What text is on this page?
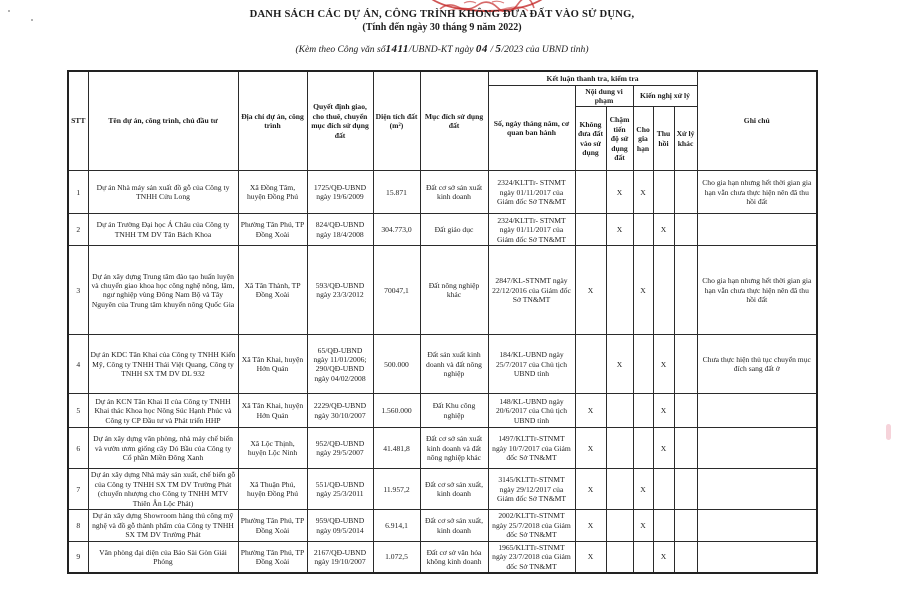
DANH SÁCH CÁC DỰ ÁN, CÔNG TRÌNH KHÔNG ĐƯA ĐẤT VÀO SỬ DỤNG,
(Tính đến ngày 30 tháng 9 năm 2022)
(Kèm theo Công văn số1411/UBND-KT ngày 04 / 5/2023 của UBND tỉnh)
STT	Tên dự án, công trình, chủ đầu tư	Địa chỉ dự án, công trình	Quyết định giao, cho thuê, chuyển mục đích sử dụng đất	Diện tích đất (m²)	Mục đích sử dụng đất	Kết luận thanh tra, kiểm tra						Ghi chú
						Số, ngày tháng năm, cơ quan ban hành	Nội dung vi phạm		Kiến nghị xử lý			
							Không đưa đất vào sử dụng	Chậm tiến độ sử dụng đất	Cho gia hạn	Thu hồi	Xử lý khác	
1	Dự án Nhà máy sản xuất đồ gỗ của Công ty TNHH Cửu Long	Xã Đồng Tâm, huyện Đồng Phú	1725/QĐ-UBND ngày 19/6/2009	15.871	Đất cơ sở sản xuất kinh doanh	2324/KLTTr- STNMT ngày 01/11/2017 của Giám đốc Sở TN&MT		X	X			Cho gia hạn nhưng hết thời gian gia hạn vẫn chưa thực hiện nên đã thu hồi đất
2	Dự án Trường Đại học Á Châu của Công ty TNHH TM DV Tân Bách Khoa	Phường Tân Phú, TP Đồng Xoài	824/QĐ-UBND ngày 18/4/2008	304.773,0	Đất giáo dục	2324/KLTTr- STNMT ngày 01/11/2017 của Giám đốc Sở TN&MT		X		X		
3	Dự án xây dựng Trung tâm đào tạo huấn luyện và chuyển giao khoa học công nghệ nông, lâm, ngư nghiệp vùng Đông Nam Bộ và Tây Nguyên của Trung tâm khuyến nông Quốc Gia	Xã Tân Thành, TP Đồng Xoài	593/QĐ-UBND ngày 23/3/2012	70047,1	Đất nông nghiệp khác	2847/KL-STNMT ngày 22/12/2016 của Giám đốc Sở TN&MT	X		X			Cho gia hạn nhưng hết thời gian gia hạn vẫn chưa thực hiện nên đã thu hồi đất
4	Dự án KDC Tân Khai của Công ty TNHH Kiến Mỹ, Công ty TNHH Thái Việt Quang, Công ty TNHH SX TM DV DL 932	Xã Tân Khai, huyện Hớn Quản	65/QĐ-UBND ngày 11/01/2006; 290/QĐ-UBND ngày 04/02/2008	500.000	Đất sản xuất kinh doanh và đất nông nghiệp	184/KL-UBND ngày 25/7/2017 của Chủ tịch UBND tỉnh		X		X		Chưa thực hiện thủ tục chuyển mục đích sang đất ở
5	Dự án KCN Tân Khai II của Công ty TNHH Khai thác Khoa học Nông Súc Hạnh Phúc và Công ty CP Đầu tư và Phát triển HHP	Xã Tân Khai, huyện Hớn Quản	2229/QĐ-UBND ngày 30/10/2007	1.560.000	Đất Khu công nghiệp	148/KL-UBND ngày 20/6/2017 của Chủ tịch UBND tỉnh	X			X		
6	Dự án xây dựng văn phòng, nhà máy chế biến và vườn ươm giống cây Dó Bầu của Công ty Cổ phần Miền Đông Xanh	Xã Lộc Thịnh, huyện Lộc Ninh	952/QĐ-UBND ngày 29/5/2007	41.481,8	Đất cơ sở sản xuất kinh doanh và đất nông nghiệp khác	1497/KLTTr-STNMT ngày 10/7/2017 của Giám đốc Sở TN&MT	X			X		
7	Dự án xây dựng Nhà máy sản xuất, chế biến gỗ của Công ty TNHH SX TM DV Trường Phát (chuyển nhượng cho Công ty TNHH MTV Thiên Ân Lộc Phát)	Xã Thuận Phú, huyện Đồng Phú	551/QĐ-UBND ngày 25/3/2011	11.957,2	Đất cơ sở sản xuất, kinh doanh	3145/KLTTr-STNMT ngày 29/12/2017 của Giám đốc Sở TN&MT	X		X			
8	Dự án xây dựng Showroom hàng thủ công mỹ nghệ và đồ gỗ thành phẩm của Công ty TNHH SX TM DV Trường Phát	Phường Tân Phú, TP Đồng Xoài	959/QĐ-UBND ngày 09/5/2014	6.914,1	Đất cơ sở sản xuất, kinh doanh	2002/KLTTr-STNMT ngày 25/7/2018 của Giám đốc Sở TN&MT	X		X			
9	Văn phòng đại diện của Báo Sài Gòn Giải Phóng	Phường Tân Phú, TP Đồng Xoài	2167/QĐ-UBND ngày 19/10/2007	1.072,5	Đất cơ sở văn hóa không kinh doanh	1965/KLTTr-STNMT ngày 23/7/2018 của Giám đốc Sở TN&MT	X			X		
